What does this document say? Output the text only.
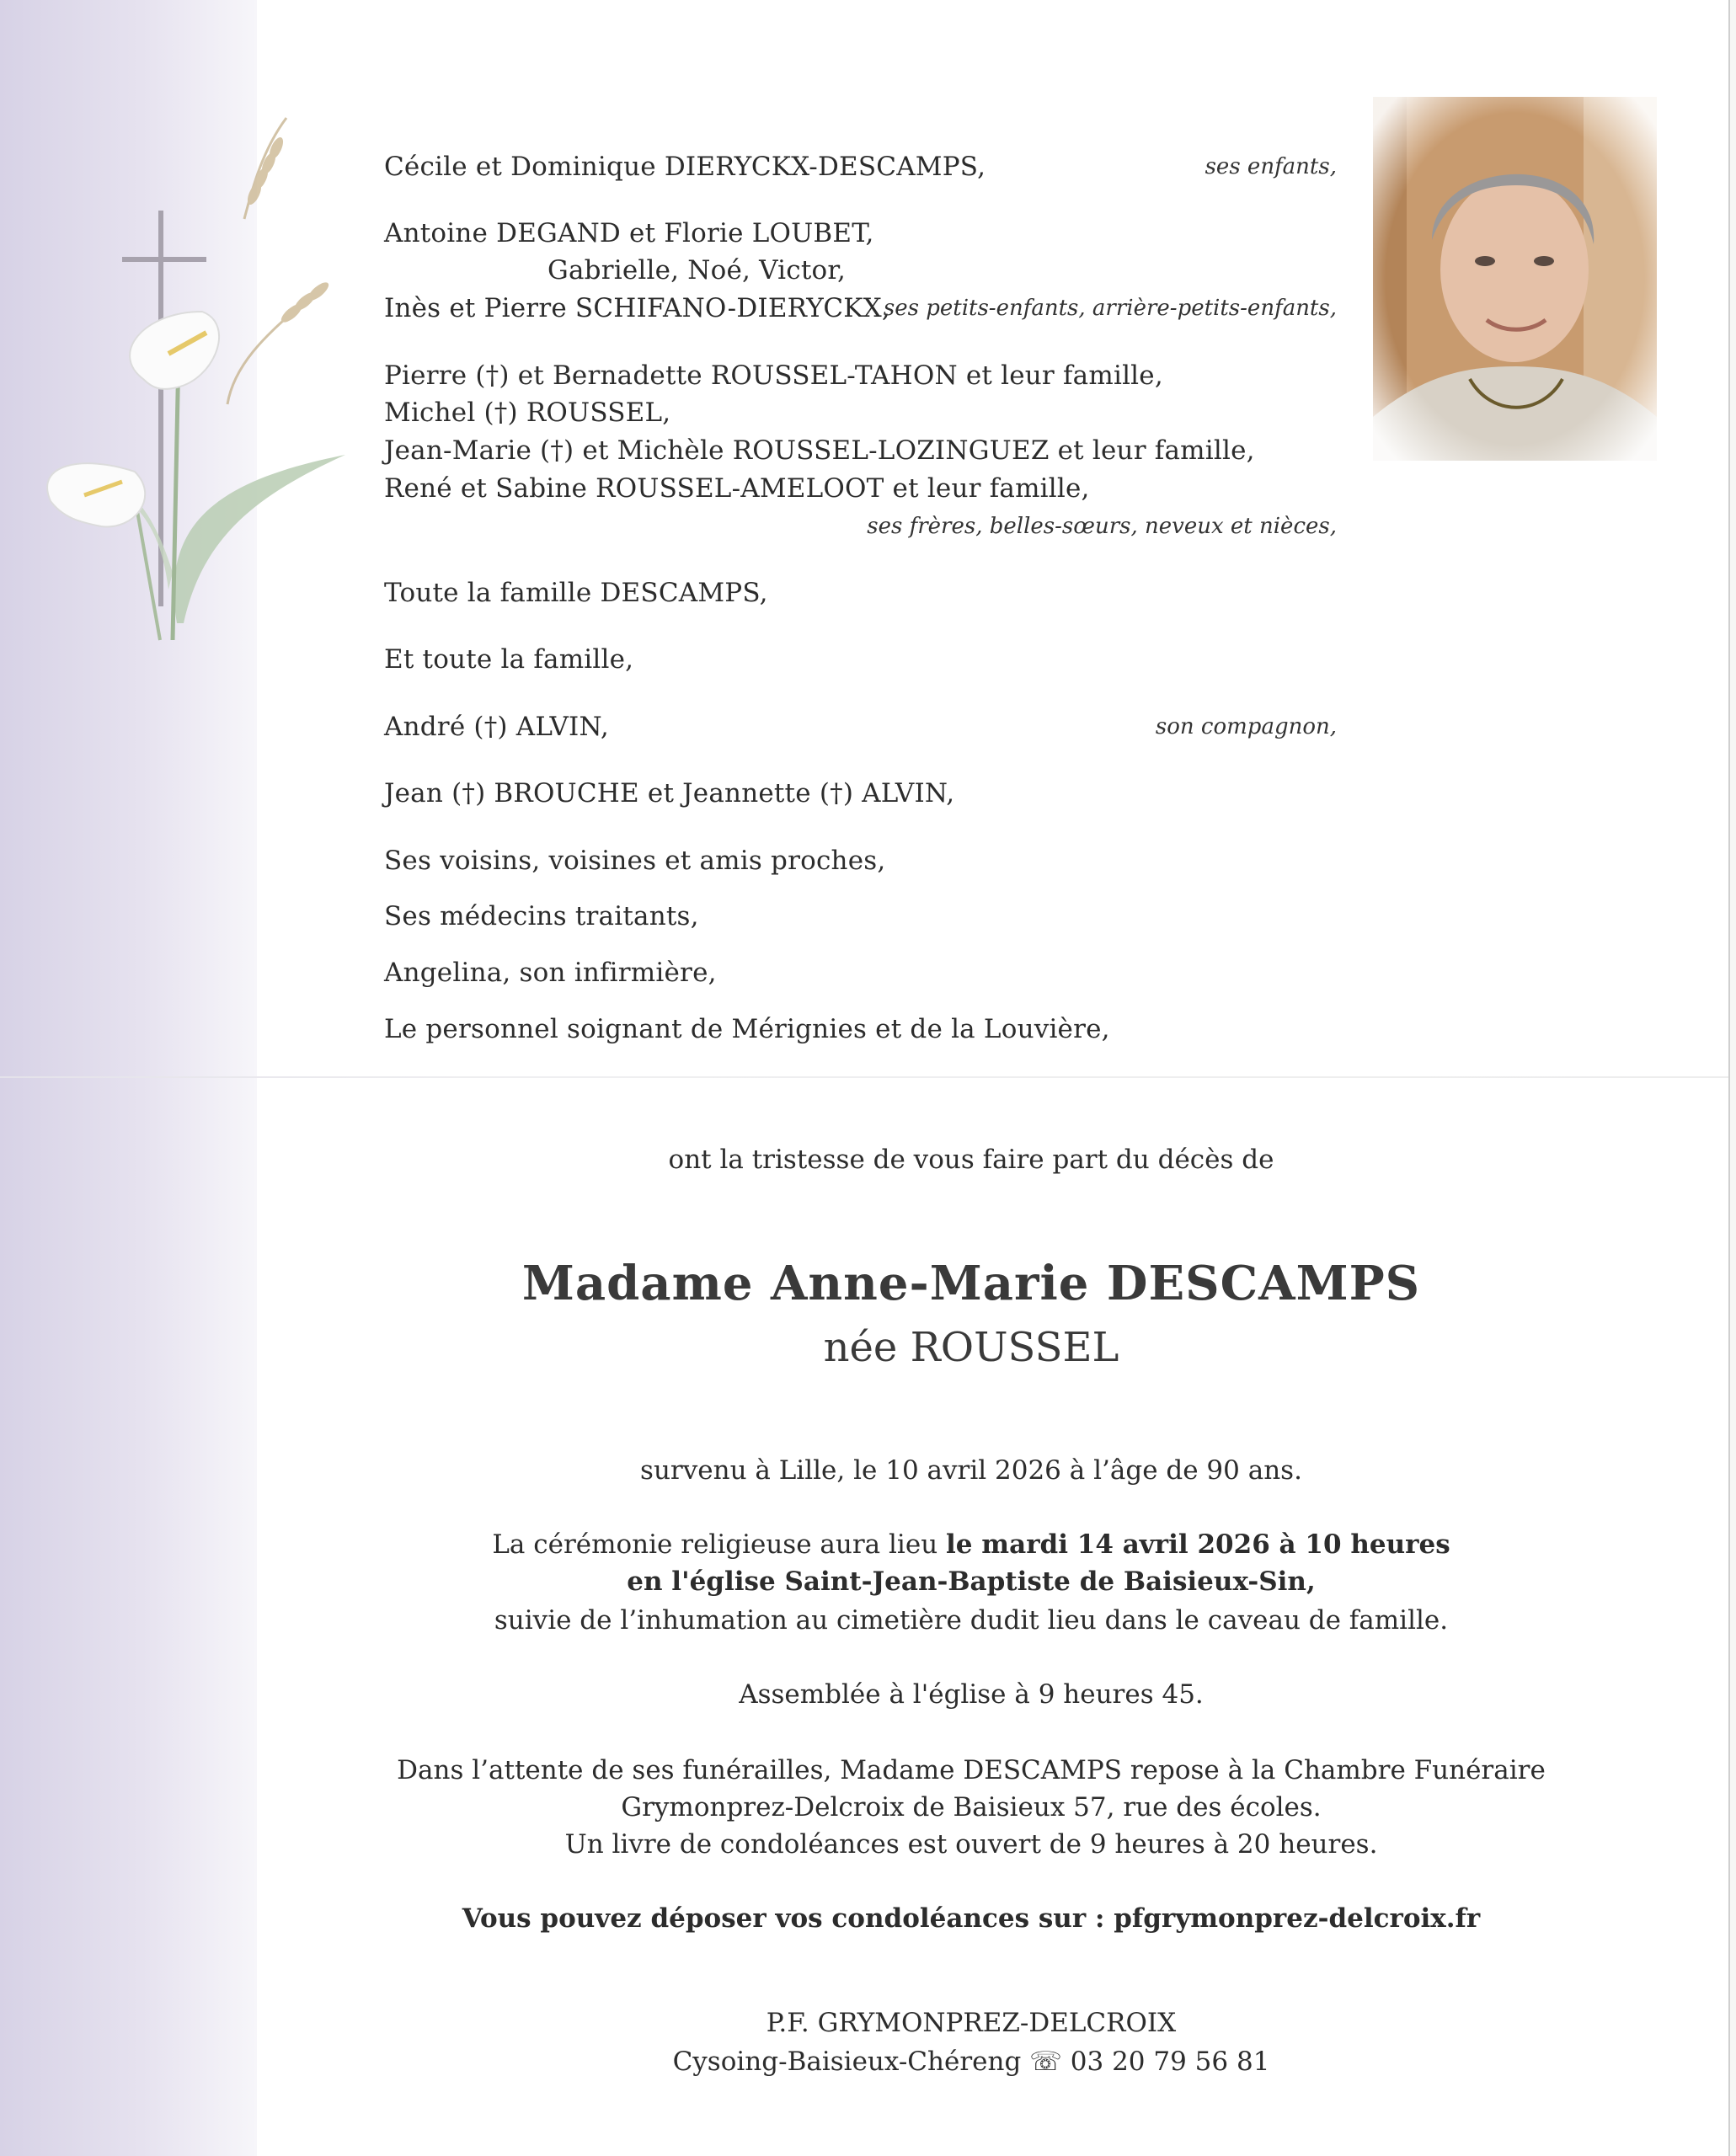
Cécile et Dominique DIERYCKX-DESCAMPS,	ses enfants,
Antoine DEGAND et Florie LOUBET,
Gabrielle, Noé, Victor,
Inès et Pierre SCHIFANO-DIERYCKX,
ses petits-enfants, arrière-petits-enfants,
Pierre (†) et Bernadette ROUSSEL-TAHON et leur famille,
Michel (†) ROUSSEL,
Jean-Marie (†) et Michèle ROUSSEL-LOZINGUEZ et leur famille,
René et Sabine ROUSSEL-AMELOOT et leur famille,
ses frères, belles-sœurs, neveux et nièces,
Toute la famille DESCAMPS,
Et toute la famille,
André (†) ALVIN,	son compagnon,
Jean (†) BROUCHE et Jeannette (†) ALVIN,
Ses voisins, voisines et amis proches,
Ses médecins traitants,
Angelina, son infirmière,
Le personnel soignant de Mérignies et de la Louvière,
ont la tristesse de vous faire part du décès de
Madame Anne-Marie DESCAMPS
née ROUSSEL
survenu à Lille, le 10 avril 2026 à l’âge de 90 ans.
La cérémonie religieuse aura lieu le mardi 14 avril 2026 à 10 heures
en l'église Saint-Jean-Baptiste de Baisieux-Sin,
suivie de l’inhumation au cimetière dudit lieu dans le caveau de famille.
Assemblée à l'église à 9 heures 45.
Dans l’attente de ses funérailles, Madame DESCAMPS repose à la Chambre Funéraire
Grymonprez-Delcroix de Baisieux 57, rue des écoles.
Un livre de condoléances est ouvert de 9 heures à 20 heures.
Vous pouvez déposer vos condoléances sur : pfgrymonprez-delcroix.fr
P.F. GRYMONPREZ-DELCROIX
Cysoing-Baisieux-Chéreng ☏ 03 20 79 56 81
